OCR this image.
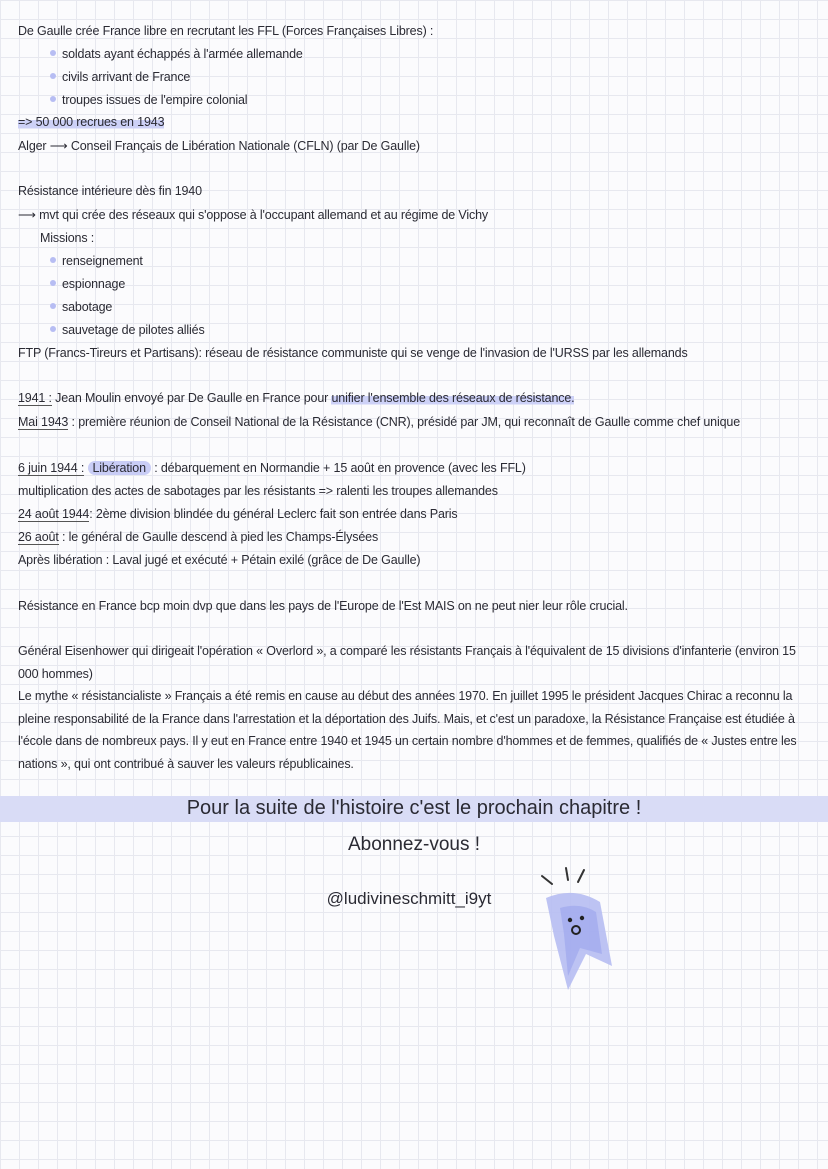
De Gaulle crée France libre en recrutant les FFL (Forces Françaises Libres) :
soldats ayant échappés à l'armée allemande
civils arrivant de France
troupes issues de l'empire colonial
=> 50 000 recrues en 1943
Alger ⟶ Conseil Français de Libération Nationale (CFLN) (par De Gaulle)
Résistance intérieure dès fin 1940
⟶ mvt qui crée des réseaux qui s'oppose à l'occupant allemand et au régime de Vichy
Missions :
renseignement
espionnage
sabotage
sauvetage de pilotes alliés
FTP (Francs-Tireurs et Partisans): réseau de résistance communiste qui se venge de l'invasion de l'URSS par les allemands
1941 : Jean Moulin envoyé par De Gaulle en France pour unifier l'ensemble des réseaux de résistance.
Mai 1943 : première réunion de Conseil National de la Résistance (CNR), présidé par JM, qui reconnaît de Gaulle comme chef unique
6 juin 1944 : Libération : débarquement en Normandie + 15 août en provence (avec les FFL)
multiplication des actes de sabotages par les résistants => ralenti les troupes allemandes
24 août 1944: 2ème division blindée du général Leclerc fait son entrée dans Paris
26 août : le général de Gaulle descend à pied les Champs-Élysées
Après libération : Laval jugé et exécuté + Pétain exilé (grâce de De Gaulle)
Résistance en France bcp moin dvp que dans les pays de l'Europe de l'Est MAIS on ne peut nier leur rôle crucial.
Général Eisenhower qui dirigeait l'opération « Overlord », a comparé les résistants Français à l'équivalent de 15 divisions d'infanterie (environ 15 000 hommes)
Le mythe « résistancialiste » Français a été remis en cause au début des années 1970. En juillet 1995 le président Jacques Chirac a reconnu la pleine responsabilité de la France dans l'arrestation et la déportation des Juifs. Mais, et c'est un paradoxe, la Résistance Française est étudiée à l'école dans de nombreux pays. Il y eut en France entre 1940 et 1945 un certain nombre d'hommes et de femmes, qualifiés de « Justes entre les nations », qui ont contribué à sauver les valeurs républicaines.
Pour la suite de l'histoire c'est le prochain chapitre !
Abonnez-vous !
@ludivineschmitt_i9yt
